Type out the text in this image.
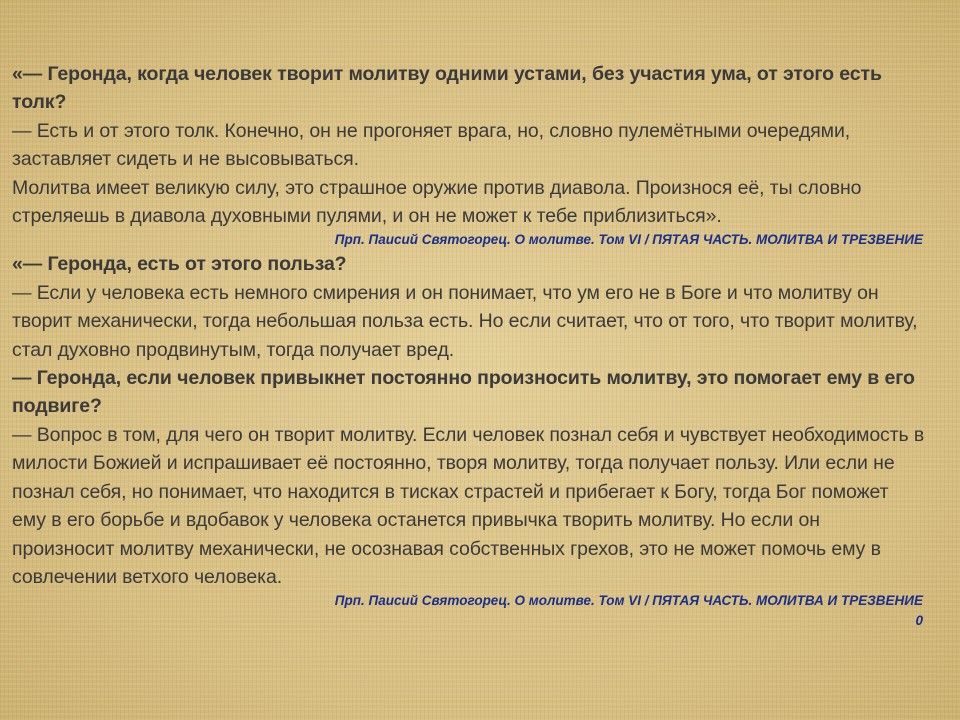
«— Геронда, когда человек творит молитву одними устами, без участия ума, от этого есть толк?

— Есть и от этого толк. Конечно, он не прогоняет врага, но, словно пулемётными очередями, заставляет сидеть и не высовываться.

Молитва имеет великую силу, это страшное оружие против диавола. Произнося её, ты словно стреляешь в диавола духовными пулями, и он не может к тебе приблизиться».

Прп. Паисий Святогорец. О молитве. Том VI / ПЯТАЯ ЧАСТЬ. МОЛИТВА И ТРЕЗВЕНИЕ

«— Геронда, есть от этого польза?

— Если у человека есть немного смирения и он понимает, что ум его не в Боге и что молитву он творит механически, тогда небольшая польза есть. Но если считает, что от того, что творит молитву, стал духовно продвинутым, тогда получает вред.

— Геронда, если человек привыкнет постоянно произносить молитву, это помогает ему в его подвиге?

— Вопрос в том, для чего он творит молитву. Если человек познал себя и чувствует необходимость в милости Божией и испрашивает её постоянно, творя молитву, тогда получает пользу. Или если не познал себя, но понимает, что находится в тисках страстей и прибегает к Богу, тогда Бог поможет ему в его борьбе и вдобавок у человека останется привычка творить молитву. Но если он произносит молитву механически, не осознавая собственных грехов, это не может помочь ему в совлечении ветхого человека.

Прп. Паисий Святогорец. О молитве. Том VI / ПЯТАЯ ЧАСТЬ. МОЛИТВА И ТРЕЗВЕНИЕ

0
